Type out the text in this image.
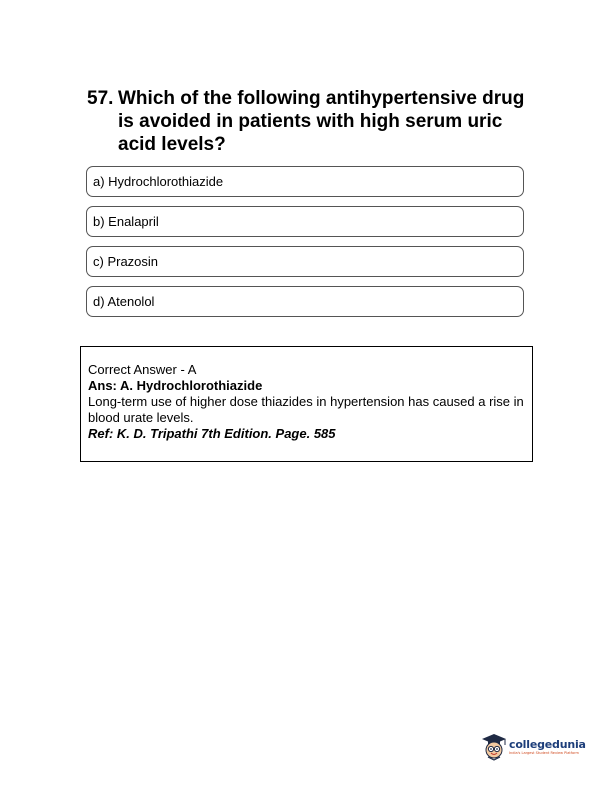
57. Which of the following antihypertensive drug is avoided in patients with high serum uric acid levels?
a) Hydrochlorothiazide
b) Enalapril
c) Prazosin
d) Atenolol
Correct Answer - A
Ans: A. Hydrochlorothiazide
Long-term use of higher dose thiazides in hypertension has caused a rise in blood urate levels.
Ref: K. D. Tripathi 7th Edition. Page. 585
collegedunia
India's Largest Student Review Platform
